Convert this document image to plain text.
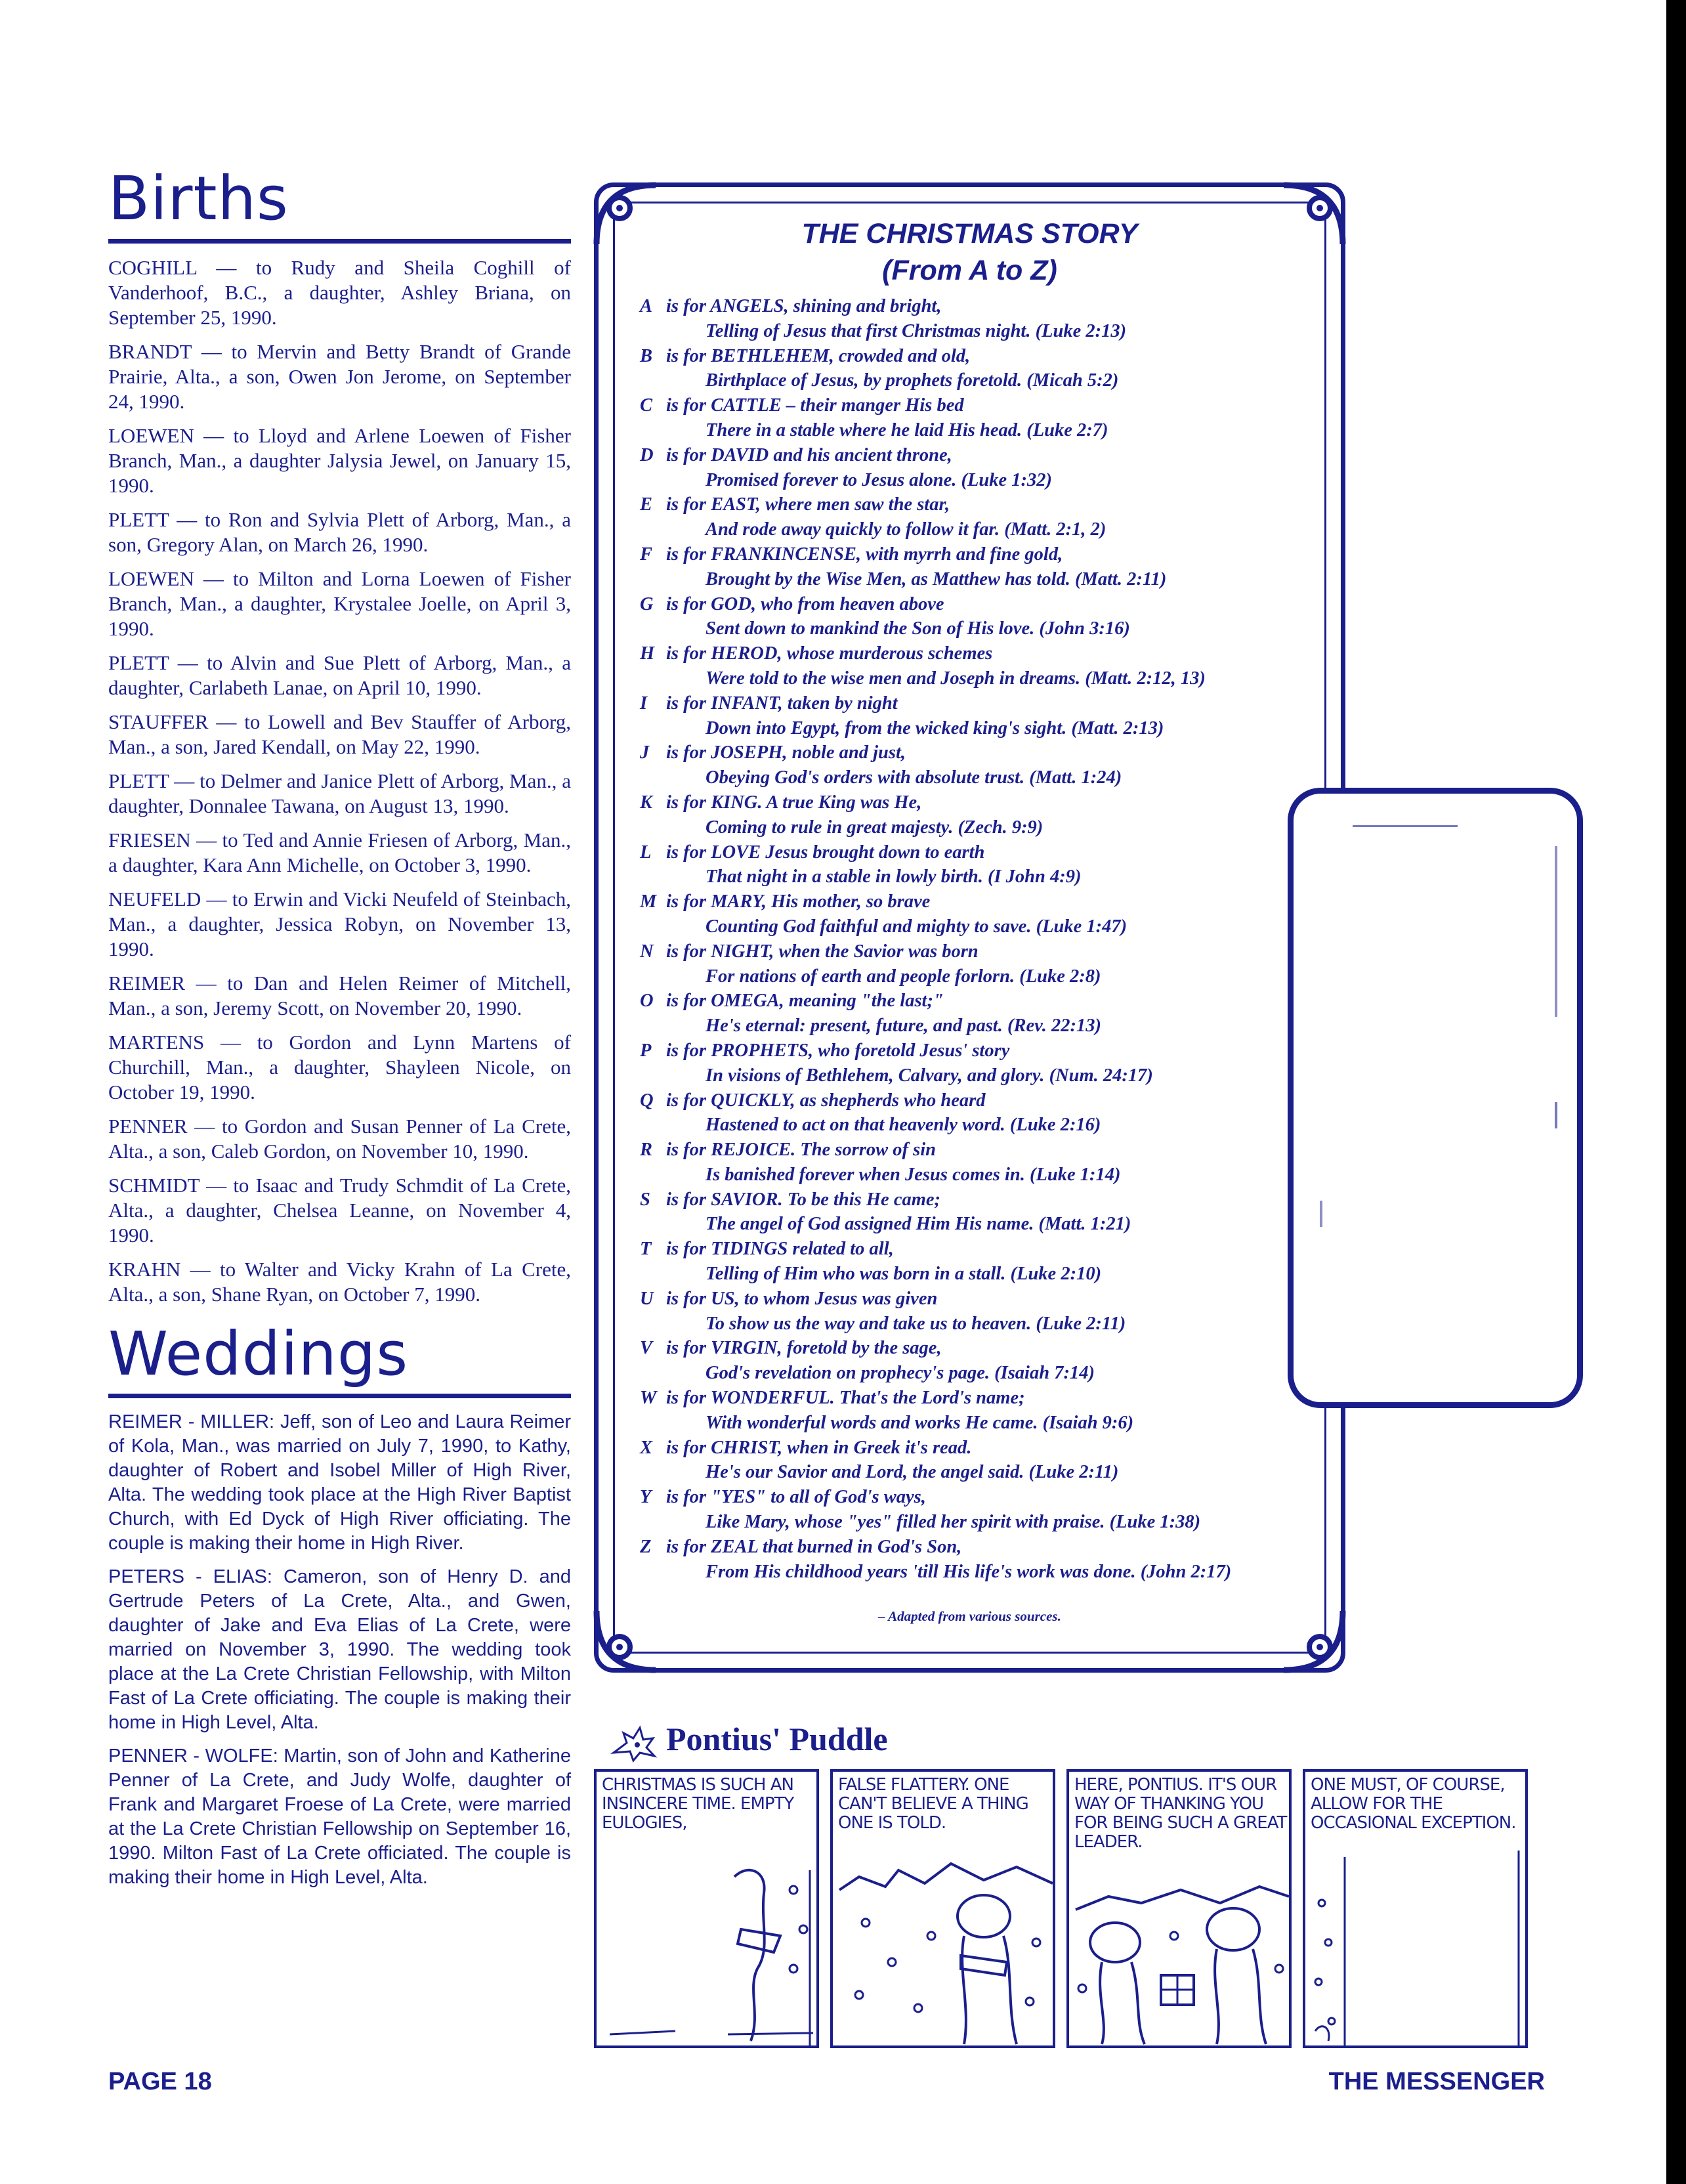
Births

COGHILL — to Rudy and Sheila Coghill of Vanderhoof, B.C., a daughter, Ashley Briana, on September 25, 1990.

BRANDT — to Mervin and Betty Brandt of Grande Prairie, Alta., a son, Owen Jon Jerome, on September 24, 1990.

LOEWEN — to Lloyd and Arlene Loewen of Fisher Branch, Man., a daughter Jalysia Jewel, on January 15, 1990.

PLETT — to Ron and Sylvia Plett of Arborg, Man., a son, Gregory Alan, on March 26, 1990.

LOEWEN — to Milton and Lorna Loewen of Fisher Branch, Man., a daughter, Krystalee Joelle, on April 3, 1990.

PLETT — to Alvin and Sue Plett of Arborg, Man., a daughter, Carlabeth Lanae, on April 10, 1990.

STAUFFER — to Lowell and Bev Stauffer of Arborg, Man., a son, Jared Kendall, on May 22, 1990.

PLETT — to Delmer and Janice Plett of Arborg, Man., a daughter, Donnalee Tawana, on August 13, 1990.

FRIESEN — to Ted and Annie Friesen of Arborg, Man., a daughter, Kara Ann Michelle, on October 3, 1990.

NEUFELD — to Erwin and Vicki Neufeld of Steinbach, Man., a daughter, Jessica Robyn, on November 13, 1990.

REIMER — to Dan and Helen Reimer of Mitchell, Man., a son, Jeremy Scott, on November 20, 1990.

MARTENS — to Gordon and Lynn Martens of Churchill, Man., a daughter, Shayleen Nicole, on October 19, 1990.

PENNER — to Gordon and Susan Penner of La Crete, Alta., a son, Caleb Gordon, on November 10, 1990.

SCHMIDT — to Isaac and Trudy Schmdit of La Crete, Alta., a daughter, Chelsea Leanne, on November 4, 1990.

KRAHN — to Walter and Vicky Krahn of La Crete, Alta., a son, Shane Ryan, on October 7, 1990.

Weddings

REIMER - MILLER: Jeff, son of Leo and Laura Reimer of Kola, Man., was married on July 7, 1990, to Kathy, daughter of Robert and Isobel Miller of High River, Alta. The wedding took place at the High River Baptist Church, with Ed Dyck of High River officiating. The couple is making their home in High River.

PETERS - ELIAS: Cameron, son of Henry D. and Gertrude Peters of La Crete, Alta., and Gwen, daughter of Jake and Eva Elias of La Crete, were married on November 3, 1990. The wedding took place at the La Crete Christian Fellowship, with Milton Fast of La Crete officiating. The couple is making their home in High Level, Alta.

PENNER - WOLFE: Martin, son of John and Katherine Penner of La Crete, and Judy Wolfe, daughter of Frank and Margaret Froese of La Crete, were married at the La Crete Christian Fellowship on September 16, 1990. Milton Fast of La Crete officiated. The couple is making their home in High Level, Alta.

THE CHRISTMAS STORY
(From A to Z)
A is for ANGELS, shining and bright,
Telling of Jesus that first Christmas night. (Luke 2:13)
B is for BETHLEHEM, crowded and old,
Birthplace of Jesus, by prophets foretold. (Micah 5:2)
C is for CATTLE – their manger His bed
There in a stable where he laid His head. (Luke 2:7)
D is for DAVID and his ancient throne,
Promised forever to Jesus alone. (Luke 1:32)
E is for EAST, where men saw the star,
And rode away quickly to follow it far. (Matt. 2:1, 2)
F is for FRANKINCENSE, with myrrh and fine gold,
Brought by the Wise Men, as Matthew has told. (Matt. 2:11)
G is for GOD, who from heaven above
Sent down to mankind the Son of His love. (John 3:16)
H is for HEROD, whose murderous schemes
Were told to the wise men and Joseph in dreams. (Matt. 2:12, 13)
I	is for INFANT, taken by night
Down into Egypt, from the wicked king's sight. (Matt. 2:13)
J is for JOSEPH, noble and just,
Obeying God's orders with absolute trust. (Matt. 1:24)
K is for KING. A true King was He,
Coming to rule in great majesty. (Zech. 9:9)
L is for LOVE Jesus brought down to earth
That night in a stable in lowly birth. (I John 4:9)
M is for MARY, His mother, so brave
Counting God faithful and mighty to save. (Luke 1:47)
N is for NIGHT, when the Savior was born
For nations of earth and people forlorn. (Luke 2:8)
O is for OMEGA, meaning "the last;"
He's eternal: present, future, and past. (Rev. 22:13)
P is for PROPHETS, who foretold Jesus' story
In visions of Bethlehem, Calvary, and glory. (Num. 24:17)
Q is for QUICKLY, as shepherds who heard
Hastened to act on that heavenly word. (Luke 2:16)
R is for REJOICE. The sorrow of sin
Is banished forever when Jesus comes in. (Luke 1:14)
S is for SAVIOR. To be this He came;
The angel of God assigned Him His name. (Matt. 1:21)
T is for TIDINGS related to all,
Telling of Him who was born in a stall. (Luke 2:10)
U is for US, to whom Jesus was given
To show us the way and take us to heaven. (Luke 2:11)
V is for VIRGIN, foretold by the sage,
God's revelation on prophecy's page. (Isaiah 7:14)
W is for WONDERFUL. That's the Lord's name;
With wonderful words and works He came. (Isaiah 9:6)
X is for CHRIST, when in Greek it's read.
He's our Savior and Lord, the angel said. (Luke 2:11)
Y is for "YES" to all of God's ways,
Like Mary, whose "yes" filled her spirit with praise. (Luke 1:38)
Z is for ZEAL that burned in God's Son,
From His childhood years 'till His life's work was done. (John 2:17)
– Adapted from various sources.
Pontius' Puddle
CHRISTMAS IS SUCH AN INSINCERE TIME. EMPTY EULOGIES,
FALSE FLATTERY. ONE CAN'T BELIEVE A THING ONE IS TOLD.
HERE, PONTIUS. IT'S OUR WAY OF THANKING YOU FOR BEING SUCH A GREAT LEADER.
ONE MUST, OF COURSE, ALLOW FOR THE OCCASIONAL EXCEPTION.
PAGE 18	THE MESSENGER
